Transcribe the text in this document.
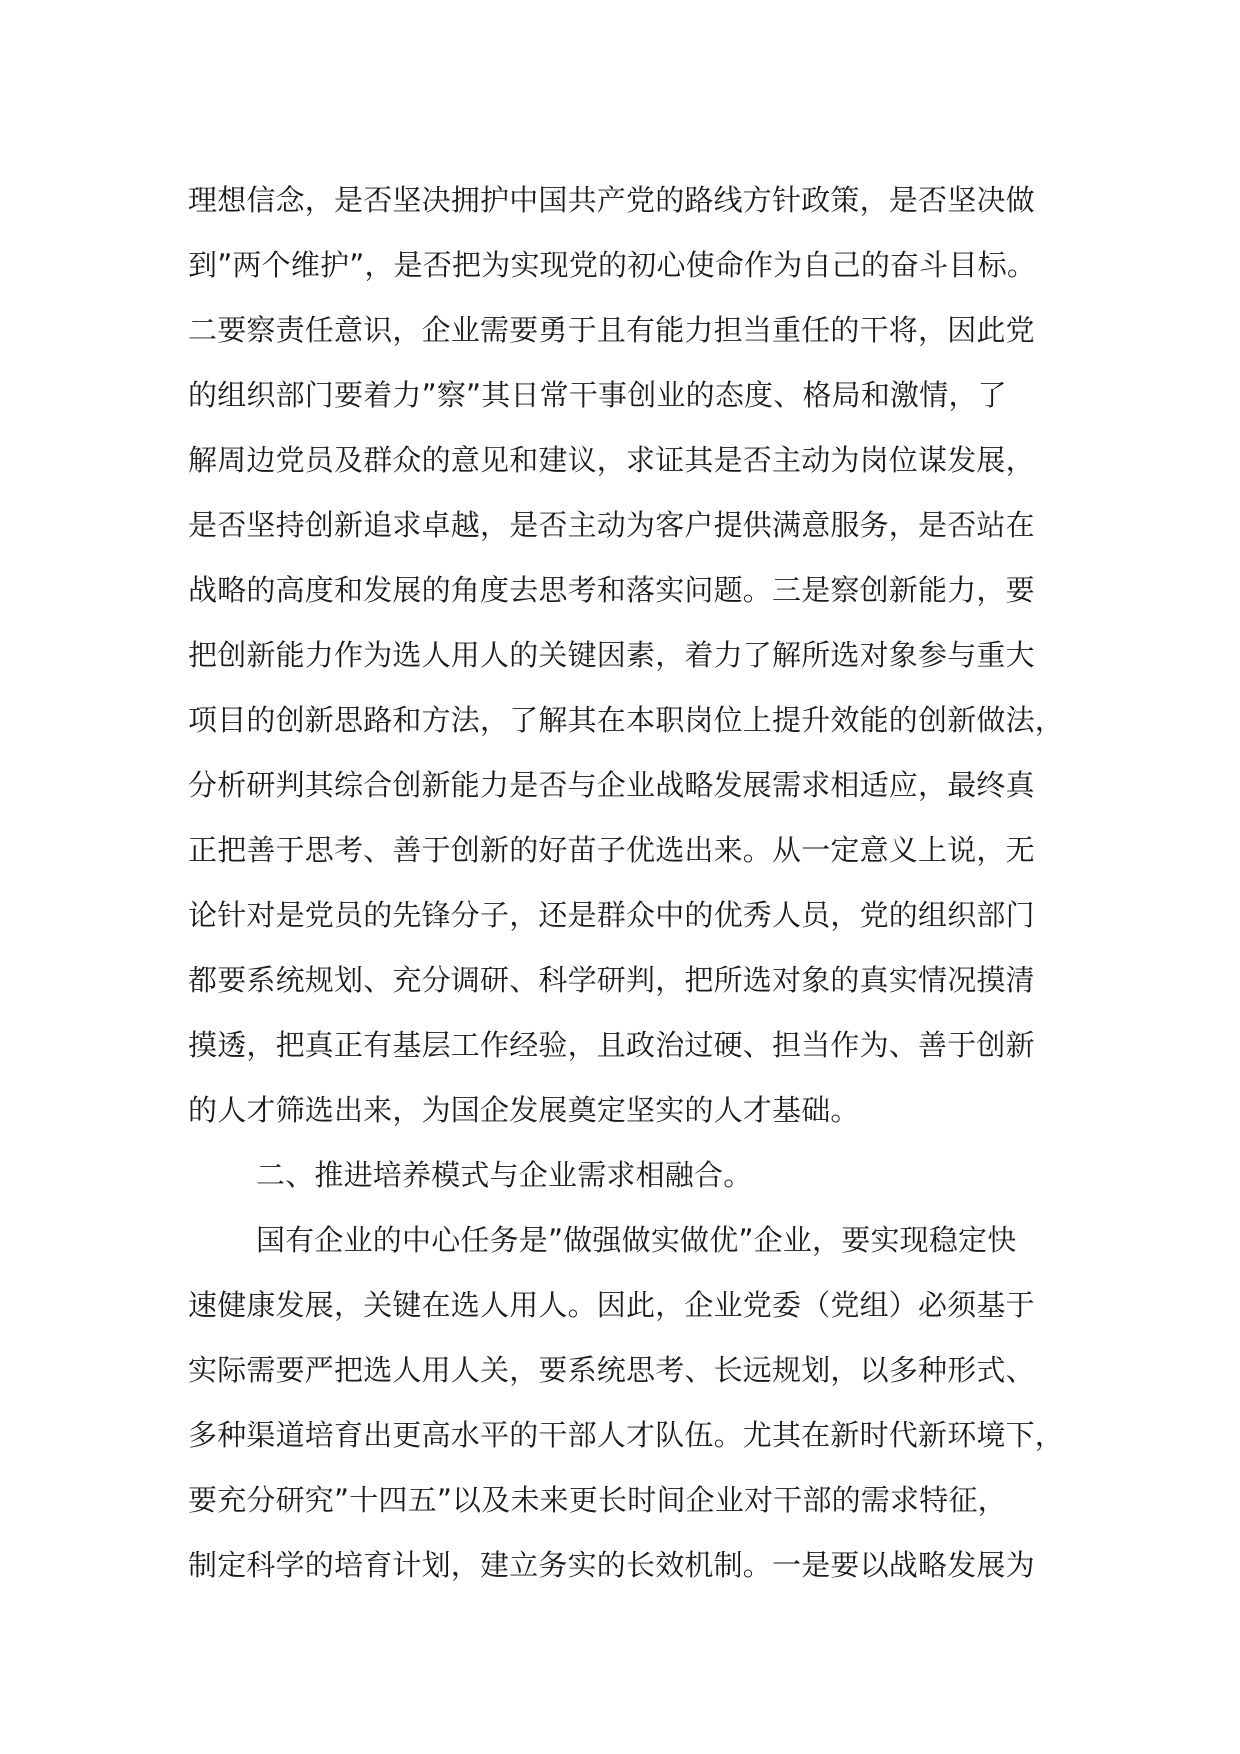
理想信念，是否坚决拥护中国共产党的路线方针政策，是否坚决做
到”两个维护”，是否把为实现党的初心使命作为自己的奋斗目标。
二要察责任意识，企业需要勇于且有能力担当重任的干将，因此党
的组织部门要着力”察”其日常干事创业的态度、格局和激情，了
解周边党员及群众的意见和建议，求证其是否主动为岗位谋发展，
是否坚持创新追求卓越，是否主动为客户提供满意服务，是否站在
战略的高度和发展的角度去思考和落实问题。三是察创新能力，要
把创新能力作为选人用人的关键因素，着力了解所选对象参与重大
项目的创新思路和方法，了解其在本职岗位上提升效能的创新做法，
分析研判其综合创新能力是否与企业战略发展需求相适应，最终真
正把善于思考、善于创新的好苗子优选出来。从一定意义上说，无
论针对是党员的先锋分子，还是群众中的优秀人员，党的组织部门
都要系统规划、充分调研、科学研判，把所选对象的真实情况摸清
摸透，把真正有基层工作经验，且政治过硬、担当作为、善于创新
的人才筛选出来，为国企发展奠定坚实的人才基础。
二、推进培养模式与企业需求相融合。
国有企业的中心任务是”做强做实做优”企业，要实现稳定快
速健康发展，关键在选人用人。因此，企业党委（党组）必须基于
实际需要严把选人用人关，要系统思考、长远规划，以多种形式、
多种渠道培育出更高水平的干部人才队伍。尤其在新时代新环境下，
要充分研究”十四五”以及未来更长时间企业对干部的需求特征，
制定科学的培育计划，建立务实的长效机制。一是要以战略发展为
